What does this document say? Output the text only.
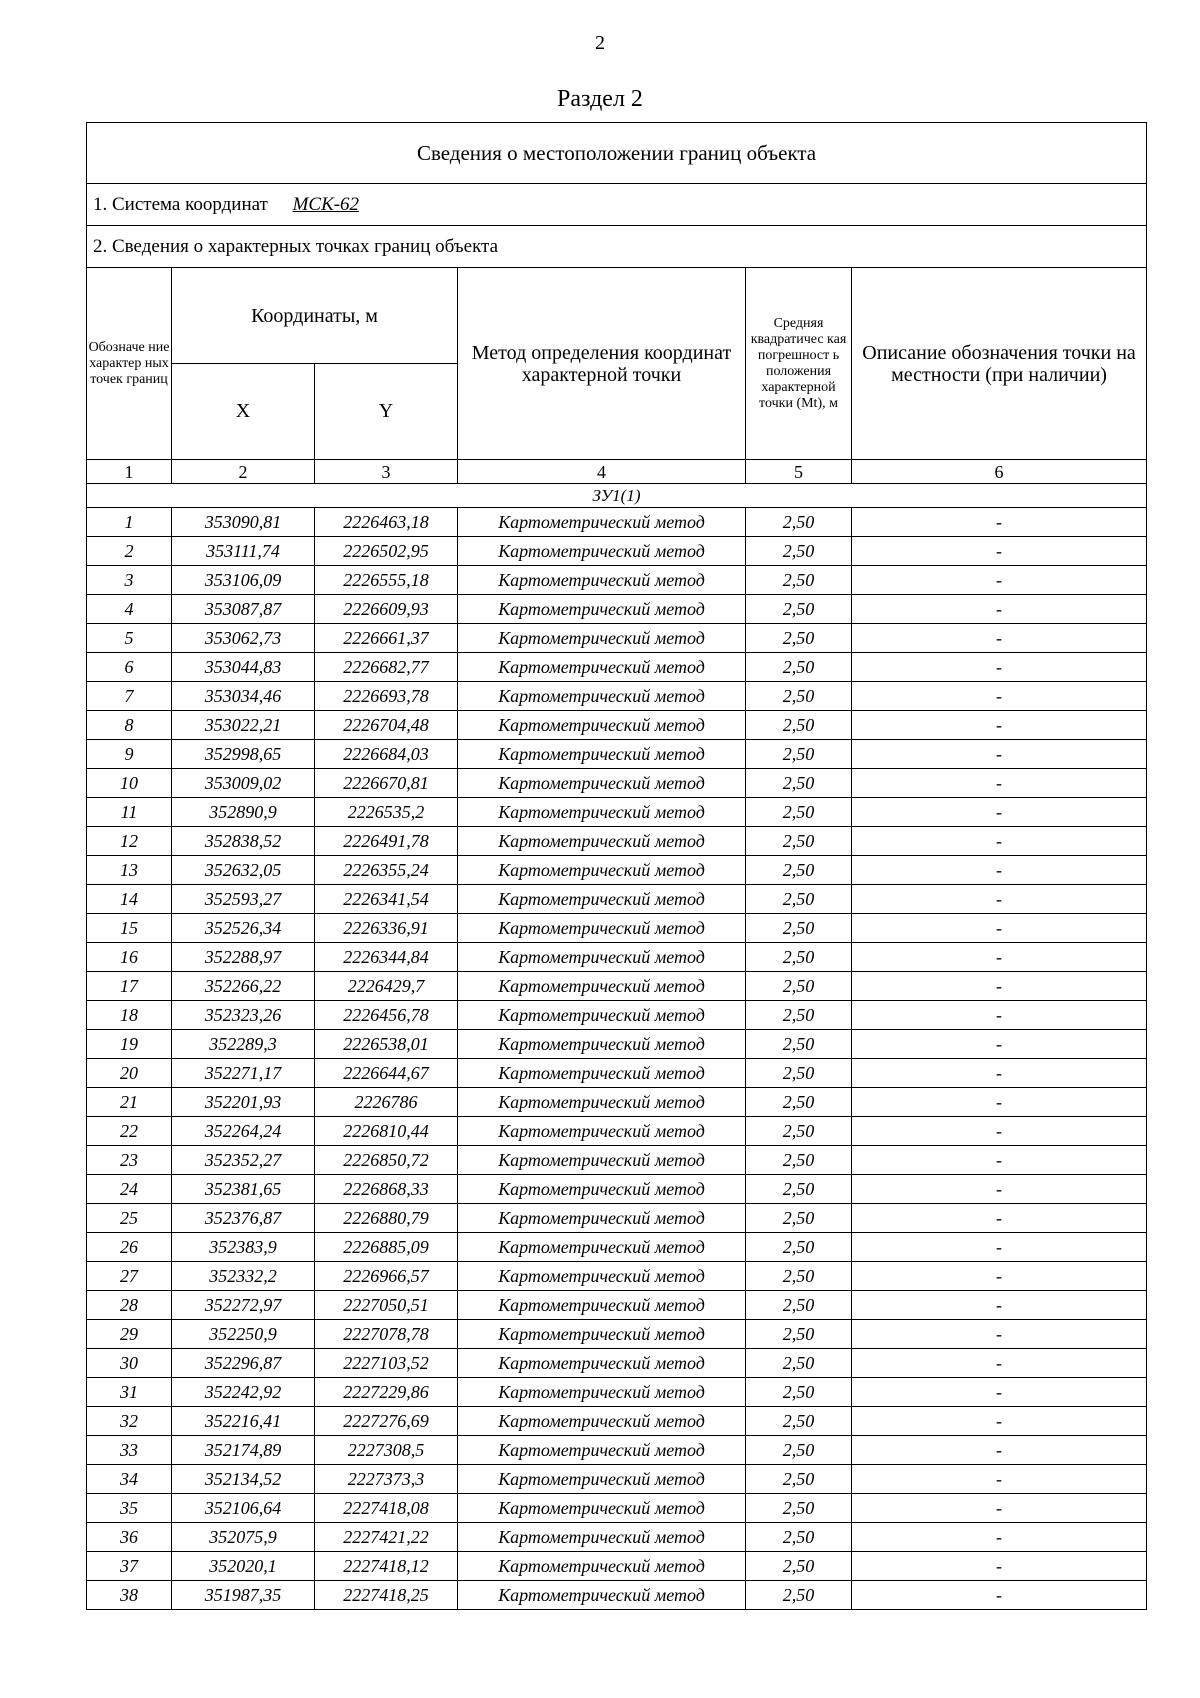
2
Раздел 2
Сведения о местоположении границ объекта					
1. Система координат МСК-62					
2. Сведения о характерных точках границ объекта					
Обозначе ние характер ных точек границ	Координаты, м		Метод определения координат характерной точки	Средняя квадратичес кая погрешност ь положения характерной точки (Mt), м	Описание обозначения точки на местности (при наличии)
	X	Y			
1	2	3	4	5	6
ЗУ1(1)					
1	353090,81	2226463,18	Картометрический метод	2,50	-
2	353111,74	2226502,95	Картометрический метод	2,50	-
3	353106,09	2226555,18	Картометрический метод	2,50	-
4	353087,87	2226609,93	Картометрический метод	2,50	-
5	353062,73	2226661,37	Картометрический метод	2,50	-
6	353044,83	2226682,77	Картометрический метод	2,50	-
7	353034,46	2226693,78	Картометрический метод	2,50	-
8	353022,21	2226704,48	Картометрический метод	2,50	-
9	352998,65	2226684,03	Картометрический метод	2,50	-
10	353009,02	2226670,81	Картометрический метод	2,50	-
11	352890,9	2226535,2	Картометрический метод	2,50	-
12	352838,52	2226491,78	Картометрический метод	2,50	-
13	352632,05	2226355,24	Картометрический метод	2,50	-
14	352593,27	2226341,54	Картометрический метод	2,50	-
15	352526,34	2226336,91	Картометрический метод	2,50	-
16	352288,97	2226344,84	Картометрический метод	2,50	-
17	352266,22	2226429,7	Картометрический метод	2,50	-
18	352323,26	2226456,78	Картометрический метод	2,50	-
19	352289,3	2226538,01	Картометрический метод	2,50	-
20	352271,17	2226644,67	Картометрический метод	2,50	-
21	352201,93	2226786	Картометрический метод	2,50	-
22	352264,24	2226810,44	Картометрический метод	2,50	-
23	352352,27	2226850,72	Картометрический метод	2,50	-
24	352381,65	2226868,33	Картометрический метод	2,50	-
25	352376,87	2226880,79	Картометрический метод	2,50	-
26	352383,9	2226885,09	Картометрический метод	2,50	-
27	352332,2	2226966,57	Картометрический метод	2,50	-
28	352272,97	2227050,51	Картометрический метод	2,50	-
29	352250,9	2227078,78	Картометрический метод	2,50	-
30	352296,87	2227103,52	Картометрический метод	2,50	-
31	352242,92	2227229,86	Картометрический метод	2,50	-
32	352216,41	2227276,69	Картометрический метод	2,50	-
33	352174,89	2227308,5	Картометрический метод	2,50	-
34	352134,52	2227373,3	Картометрический метод	2,50	-
35	352106,64	2227418,08	Картометрический метод	2,50	-
36	352075,9	2227421,22	Картометрический метод	2,50	-
37	352020,1	2227418,12	Картометрический метод	2,50	-
38	351987,35	2227418,25	Картометрический метод	2,50	-
